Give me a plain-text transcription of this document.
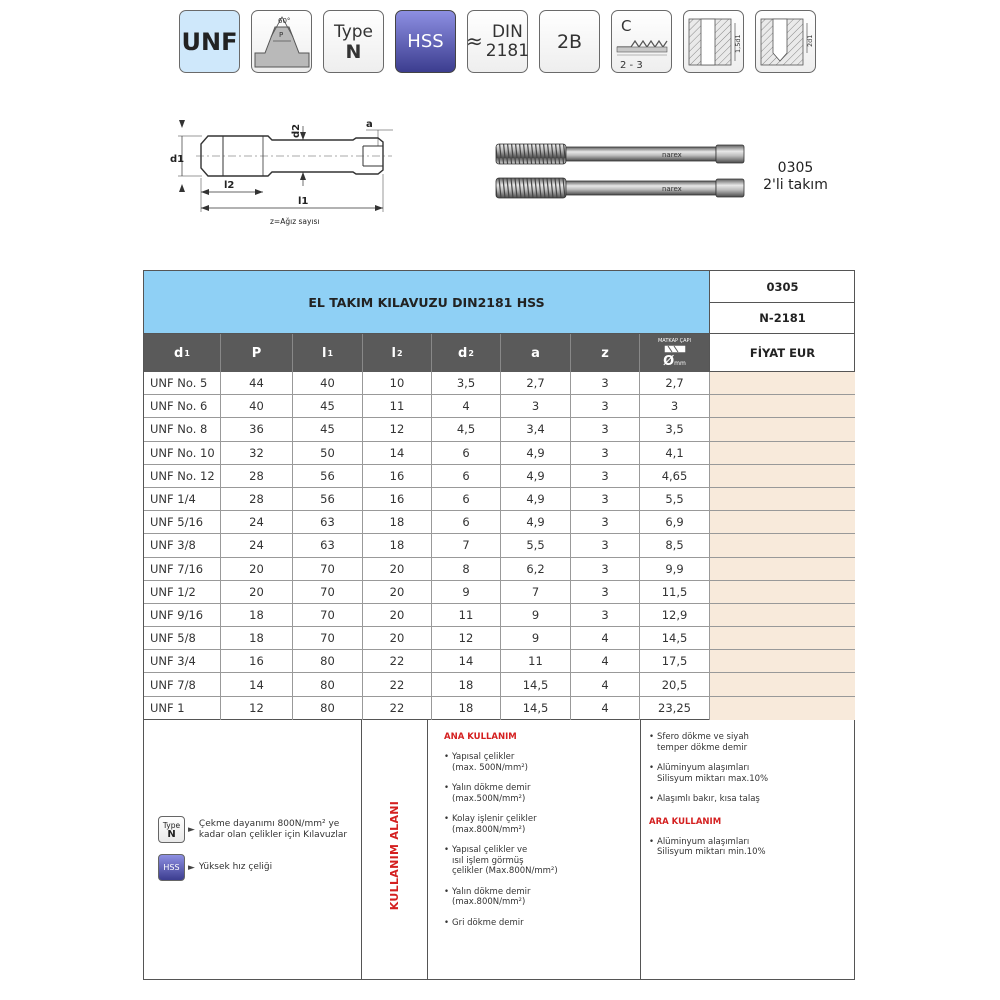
UNF
60°
P	Type
N	HSS ≈ DIN
2181 2B
C
2 - 3
1,5d1	2d1
d1
d2	a
l2
l1
z=Ağız sayısı
narex
narex
0305
2'li takım
EL TAKIM KILAVUZU DIN2181 HSS
0305
N-2181
d 1	P	l 1	l 2	d 2	a	z
MATKAP ÇAPI
Ø mm
FİYAT EUR
UNF No. 5	44	40	10	3,5	2,7	3	2,7
UNF No. 6	40	45	11	4	3	3	3
UNF No. 8	36	45	12	4,5	3,4	3	3,5
UNF No. 10	32	50	14	6	4,9	3	4,1
UNF No. 12	28	56	16	6	4,9	3	4,65
UNF 1/4	28	56	16	6	4,9	3	5,5
UNF 5/16	24	63	18	6	4,9	3	6,9
UNF 3/8	24	63	18	7	5,5	3	8,5
UNF 7/16	20	70	20	8	6,2	3	9,9
UNF 1/2	20	70	20	9	7	3	11,5
UNF 9/16	18	70	20	11	9	3	12,9
UNF 5/8	18	70	20	12	9	4	14,5
UNF 3/4	16	80	22	14	11	4	17,5
UNF 7/8	14	80	22	18	14,5	4	20,5
UNF 1	12	80	22	18	14,5	4	23,25
Type
N ►
Çekme dayanımı 800N/mm² ye
kadar olan çelikler için Kılavuzlar
HSS ► Yüksek hız çeliği	KULLANIM ALANI
ANA KULLANIM
• Yapısal çelikler
(max. 500N/mm²)
• Yalın dökme demir
(max.500N/mm²)
• Kolay işlenir çelikler
(max.800N/mm²)
• Yapısal çelikler ve
ısıl işlem görmüş
çelikler (Max.800N/mm²)
• Yalın dökme demir
(max.800N/mm²)
• Gri dökme demir
• Sfero dökme ve siyah
temper dökme demir
• Alüminyum alaşımları
Silisyum miktarı max.10%
• Alaşımlı bakır, kısa talaş
ARA KULLANIM
• Alüminyum alaşımları
Silisyum miktarı min.10%
